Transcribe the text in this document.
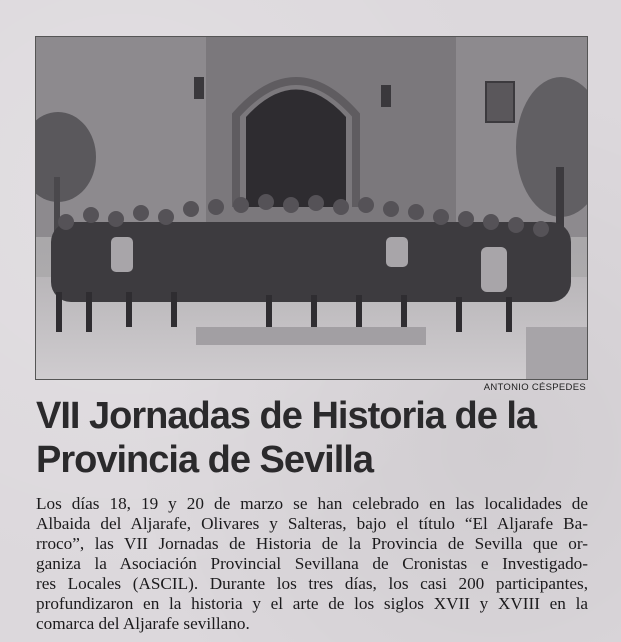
ANTONIO CÉSPEDES
VII Jornadas de Historia de la
Provincia de Sevilla

Los días 18, 19 y 20 de marzo se han celebrado en las localidades de
Albaida del Aljarafe, Olivares y Salteras, bajo el título “El Aljarafe Ba-
rroco”, las VII Jornadas de Historia de la Provincia de Sevilla que or-
ganiza la Asociación Provincial Sevillana de Cronistas e Investigado-
res Locales (ASCIL). Durante los tres días, los casi 200 participantes,
profundizaron en la historia y el arte de los siglos XVII y XVIII en la
comarca del Aljarafe sevillano.
